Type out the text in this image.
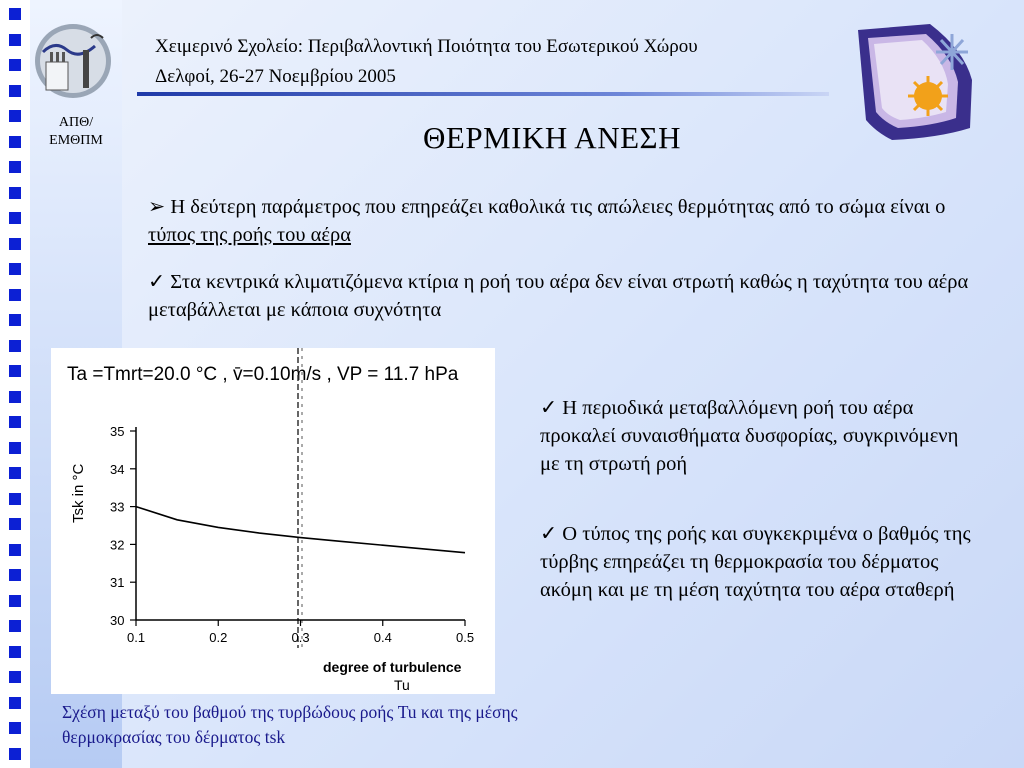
ΑΠΘ/
ΕΜΘΠΜ
Χειμερινό Σχολείο: Περιβαλλοντική Ποιότητα του Εσωτερικού Χώρου
Δελφοί, 26-27 Νοεμβρίου 2005
ΘΕΡΜΙΚΗ ΑΝΕΣΗ
➢ Η δεύτερη παράμετρος που επηρεάζει καθολικά τις απώλειες θερμότητας από το σώμα είναι ο τύπος της ροής του αέρα
✓ Στα κεντρικά κλιματιζόμενα κτίρια η ροή του αέρα δεν είναι στρωτή καθώς η ταχύτητα του αέρα μεταβάλλεται με κάποια συχνότητα
✓ Η περιοδικά μεταβαλλόμενη ροή του αέρα προκαλεί συναισθήματα δυσφορίας, συγκρινόμενη με τη στρωτή ροή
✓ Ο τύπος της ροής και συγκεκριμένα ο βαθμός της τύρβης επηρεάζει τη θερμοκρασία του δέρματος ακόμη και με τη μέση ταχύτητα του αέρα σταθερή
Ta =Tmrt=20.0 °C , v̄=0.10m/s , VP = 11.7 hPa
30
31
32
33
34
35
0.1	0.2	0.3	0.4	0.5
Tsk in °C
degree of turbulence
Tu
Σχέση μεταξύ του βαθμού της τυρβώδους ροής Tu και της μέσης θερμοκρασίας του δέρματος tsk
